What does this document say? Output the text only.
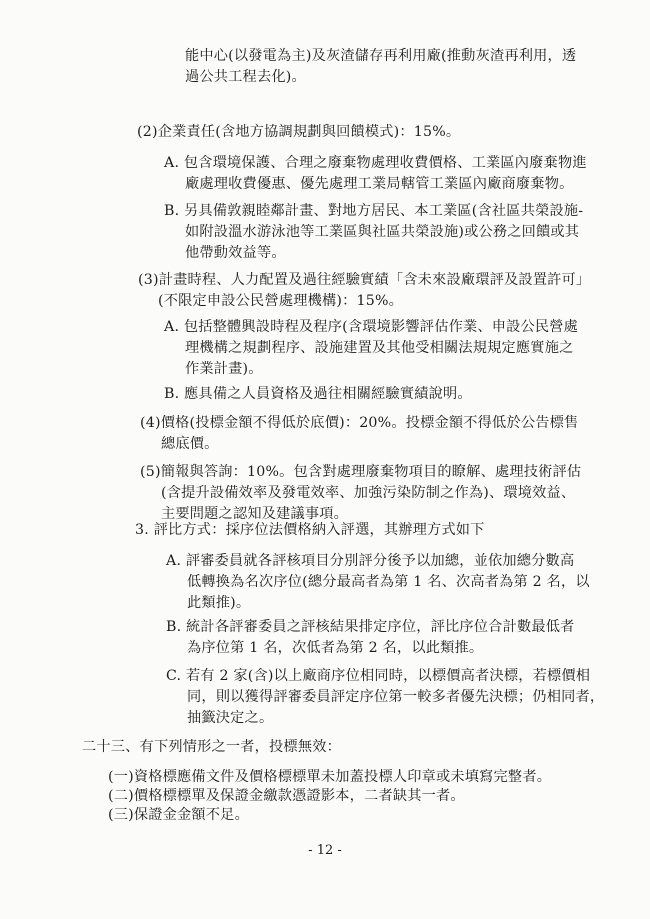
能中心(以發電為主)及灰渣儲存再利用廠(推動灰渣再利用，透
過公共工程去化)。
(2)企業責任(含地方協調規劃與回饋模式)：15%。
A. 包含環境保護、合理之廢棄物處理收費價格、工業區內廢棄物進
廠處理收費優惠、優先處理工業局轄管工業區內廠商廢棄物。
B. 另具備敦親睦鄰計畫、對地方居民、本工業區(含社區共榮設施-
如附設溫水游泳池等工業區與社區共榮設施)或公務之回饋或其
他帶動效益等。
(3)計畫時程、人力配置及過往經驗實績「含未來設廠環評及設置許可」
(不限定申設公民營處理機構)：15%。
A. 包括整體興設時程及程序(含環境影響評估作業、申設公民營處
理機構之規劃程序、設施建置及其他受相關法規規定應實施之
作業計畫)。
B. 應具備之人員資格及過往相關經驗實績說明。
(4)價格(投標金額不得低於底價)：20%。投標金額不得低於公告標售
總底價。
(5)簡報與答詢：10%。包含對處理廢棄物項目的瞭解、處理技術評估
(含提升設備效率及發電效率、加強污染防制之作為)、環境效益、
主要問題之認知及建議事項。
3. 評比方式：採序位法價格納入評選，其辦理方式如下
A. 評審委員就各評核項目分別評分後予以加總，並依加總分數高
低轉換為名次序位(總分最高者為第 1 名、次高者為第 2 名，以
此類推)。
B. 統計各評審委員之評核結果排定序位，評比序位合計數最低者
為序位第 1 名，次低者為第 2 名，以此類推。
C. 若有 2 家(含)以上廠商序位相同時，以標價高者決標，若標價相
同，則以獲得評審委員評定序位第一較多者優先決標；仍相同者，
抽籤決定之。
二十三、有下列情形之一者，投標無效：
(一)資格標應備文件及價格標標單未加蓋投標人印章或未填寫完整者。
(二)價格標標單及保證金繳款憑證影本，二者缺其一者。
(三)保證金金額不足。
- 12 -
